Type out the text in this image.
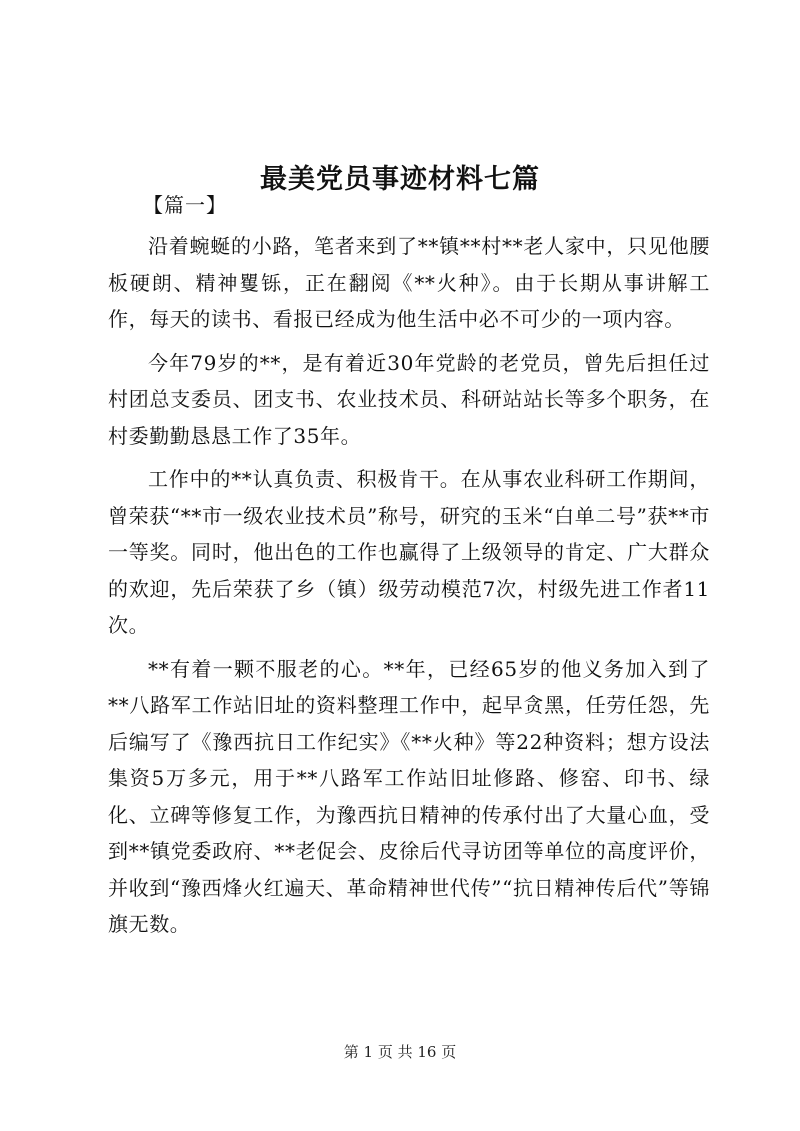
最美党员事迹材料七篇
【篇一】

沿着蜿蜒的小路，笔者来到了**镇**村**老人家中，只见他腰板硬朗、精神矍铄，正在翻阅《**火种》。由于长期从事讲解工作，每天的读书、看报已经成为他生活中必不可少的一项内容。

今年79岁的**，是有着近30年党龄的老党员，曾先后担任过村团总支委员、团支书、农业技术员、科研站站长等多个职务，在村委勤勤恳恳工作了35年。

工作中的**认真负责、积极肯干。在从事农业科研工作期间，曾荣获“**市一级农业技术员”称号，研究的玉米“白单二号”获**市一等奖。同时，他出色的工作也赢得了上级领导的肯定、广大群众的欢迎，先后荣获了乡（镇）级劳动模范7次，村级先进工作者11次。

**有着一颗不服老的心。**年，已经65岁的他义务加入到了**八路军工作站旧址的资料整理工作中，起早贪黑，任劳任怨，先后编写了《豫西抗日工作纪实》《**火种》等22种资料；想方设法集资5万多元，用于**八路军工作站旧址修路、修窑、印书、绿化、立碑等修复工作，为豫西抗日精神的传承付出了大量心血，受到**镇党委政府、**老促会、皮徐后代寻访团等单位的高度评价，并收到“豫西烽火红遍天、革命精神世代传”“抗日精神传后代”等锦旗无数。

第 1 页 共 16 页
